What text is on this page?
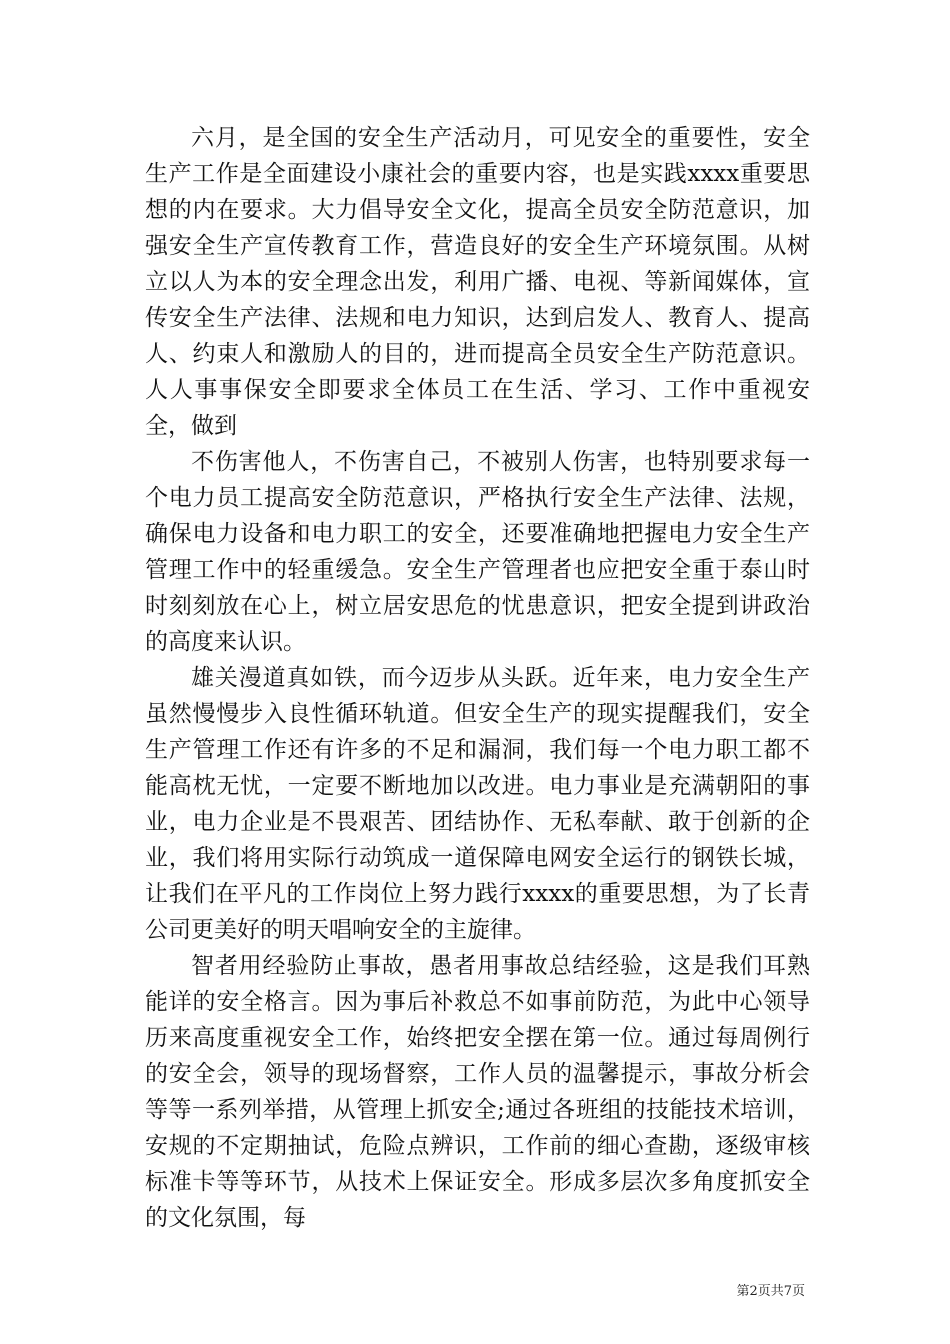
六月，是全国的安全生产活动月，可见安全的重要性，安全生产工作是全面建设小康社会的重要内容，也是实践xxxx重要思想的内在要求。大力倡导安全文化，提高全员安全防范意识，加强安全生产宣传教育工作，营造良好的安全生产环境氛围。从树立以人为本的安全理念出发，利用广播、电视、等新闻媒体，宣传安全生产法律、法规和电力知识，达到启发人、教育人、提高人、约束人和激励人的目的，进而提高全员安全生产防范意识。人人事事保安全即要求全体员工在生活、学习、工作中重视安全，做到

不伤害他人，不伤害自己，不被别人伤害，也特别要求每一个电力员工提高安全防范意识，严格执行安全生产法律、法规，确保电力设备和电力职工的安全，还要准确地把握电力安全生产管理工作中的轻重缓急。安全生产管理者也应把安全重于泰山时时刻刻放在心上，树立居安思危的忧患意识，把安全提到讲政治的高度来认识。

雄关漫道真如铁，而今迈步从头跃。近年来，电力安全生产虽然慢慢步入良性循环轨道。但安全生产的现实提醒我们，安全生产管理工作还有许多的不足和漏洞，我们每一个电力职工都不能高枕无忧，一定要不断地加以改进。电力事业是充满朝阳的事业，电力企业是不畏艰苦、团结协作、无私奉献、敢于创新的企业，我们将用实际行动筑成一道保障电网安全运行的钢铁长城，让我们在平凡的工作岗位上努力践行xxxx的重要思想，为了长青公司更美好的明天唱响安全的主旋律。

智者用经验防止事故，愚者用事故总结经验，这是我们耳熟能详的安全格言。因为事后补救总不如事前防范，为此中心领导历来高度重视安全工作，始终把安全摆在第一位。通过每周例行的安全会，领导的现场督察，工作人员的温馨提示，事故分析会等等一系列举措，从管理上抓安全;通过各班组的技能技术培训，安规的不定期抽试，危险点辨识，工作前的细心查勘，逐级审核标准卡等等环节，从技术上保证安全。形成多层次多角度抓安全的文化氛围，每

第2页共7页
